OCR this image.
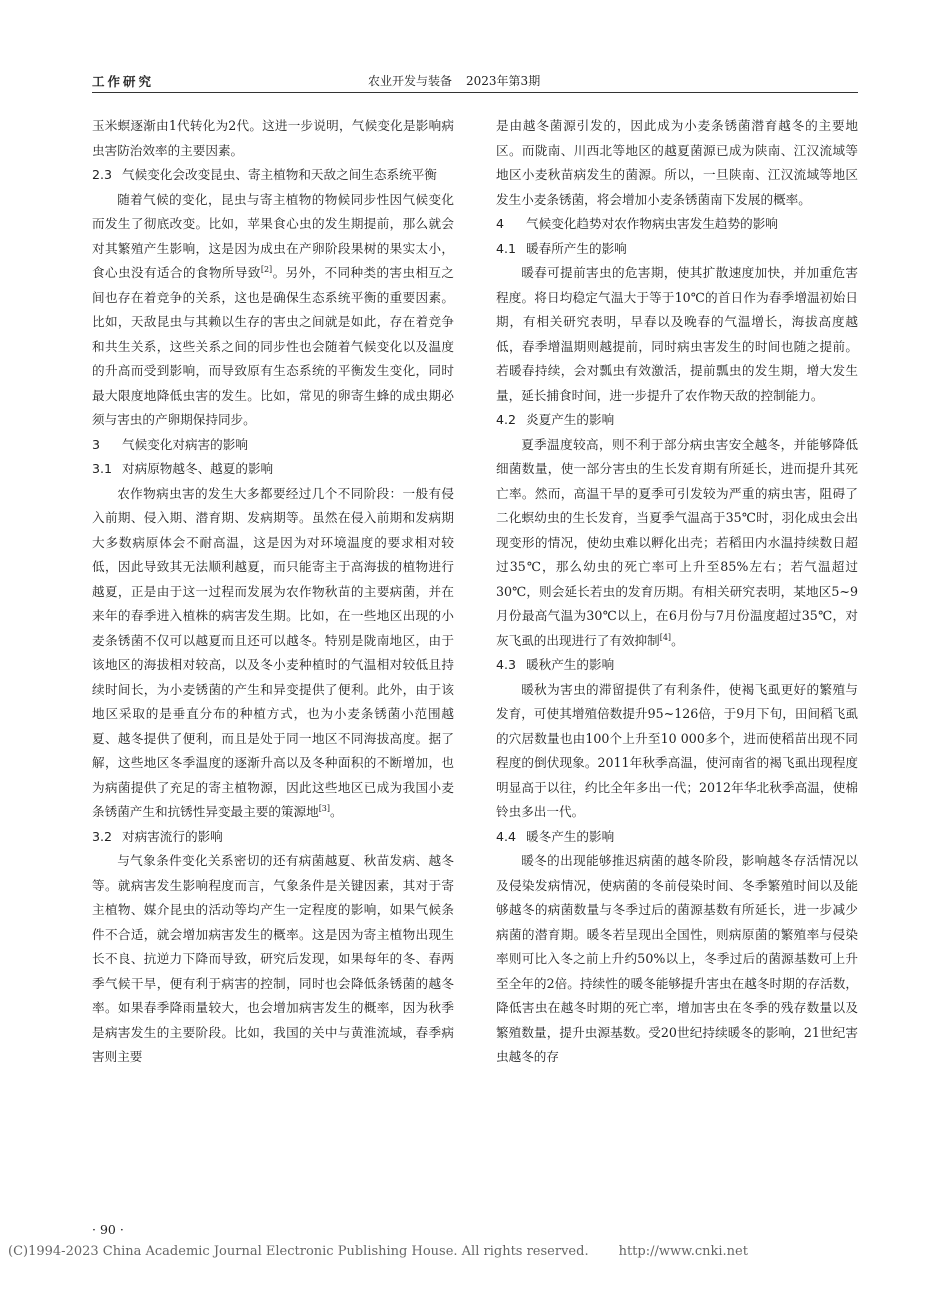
工作研究	农业开发与装备 2023年第3期

玉米螟逐渐由1代转化为2代。这进一步说明，气候变化是影响病虫害防治效率的主要因素。

2.3 气候变化会改变昆虫、寄主植物和天敌之间生态系统平衡

随着气候的变化，昆虫与寄主植物的物候同步性因气候变化而发生了彻底改变。比如，苹果食心虫的发生期提前，那么就会对其繁殖产生影响，这是因为成虫在产卵阶段果树的果实太小，食心虫没有适合的食物所导致[2]。另外，不同种类的害虫相互之间也存在着竞争的关系，这也是确保生态系统平衡的重要因素。比如，天敌昆虫与其赖以生存的害虫之间就是如此，存在着竞争和共生关系，这些关系之间的同步性也会随着气候变化以及温度的升高而受到影响，而导致原有生态系统的平衡发生变化，同时最大限度地降低虫害的发生。比如，常见的卵寄生蜂的成虫期必须与害虫的产卵期保持同步。

3 气候变化对病害的影响
3.1 对病原物越冬、越夏的影响

农作物病虫害的发生大多都要经过几个不同阶段：一般有侵入前期、侵入期、潜育期、发病期等。虽然在侵入前期和发病期大多数病原体会不耐高温，这是因为对环境温度的要求相对较低，因此导致其无法顺利越夏，而只能寄主于高海拔的植物进行越夏，正是由于这一过程而发展为农作物秋苗的主要病菌，并在来年的春季进入植株的病害发生期。比如，在一些地区出现的小麦条锈菌不仅可以越夏而且还可以越冬。特别是陇南地区，由于该地区的海拔相对较高，以及冬小麦种植时的气温相对较低且持续时间长，为小麦锈菌的产生和异变提供了便利。此外，由于该地区采取的是垂直分布的种植方式，也为小麦条锈菌小范围越夏、越冬提供了便利，而且是处于同一地区不同海拔高度。据了解，这些地区冬季温度的逐渐升高以及冬种面积的不断增加，也为病菌提供了充足的寄主植物源，因此这些地区已成为我国小麦条锈菌产生和抗锈性异变最主要的策源地[3]。

3.2 对病害流行的影响

与气象条件变化关系密切的还有病菌越夏、秋苗发病、越冬等。就病害发生影响程度而言，气象条件是关键因素，其对于寄主植物、媒介昆虫的活动等均产生一定程度的影响，如果气候条件不合适，就会增加病害发生的概率。这是因为寄主植物出现生长不良、抗逆力下降而导致，研究后发现，如果每年的冬、春两季气候干旱，便有利于病害的控制，同时也会降低条锈菌的越冬率。如果春季降雨量较大，也会增加病害发生的概率，因为秋季是病害发生的主要阶段。比如，我国的关中与黄淮流域，春季病害则主要

是由越冬菌源引发的，因此成为小麦条锈菌潜育越冬的主要地区。而陇南、川西北等地区的越夏菌源已成为陕南、江汉流域等地区小麦秋苗病发生的菌源。所以，一旦陕南、江汉流域等地区发生小麦条锈菌，将会增加小麦条锈菌南下发展的概率。

4 气候变化趋势对农作物病虫害发生趋势的影响
4.1 暖春所产生的影响

暖春可提前害虫的危害期，使其扩散速度加快，并加重危害程度。将日均稳定气温大于等于10℃的首日作为春季增温初始日期，有相关研究表明，早春以及晚春的气温增长，海拔高度越低，春季增温期则越提前，同时病虫害发生的时间也随之提前。若暖春持续，会对瓢虫有效激活，提前瓢虫的发生期，增大发生量，延长捕食时间，进一步提升了农作物天敌的控制能力。

4.2 炎夏产生的影响

夏季温度较高，则不利于部分病虫害安全越冬，并能够降低细菌数量，使一部分害虫的生长发育期有所延长，进而提升其死亡率。然而，高温干旱的夏季可引发较为严重的病虫害，阻碍了二化螟幼虫的生长发育，当夏季气温高于35℃时，羽化成虫会出现变形的情况，使幼虫难以孵化出壳；若稻田内水温持续数日超过35℃，那么幼虫的死亡率可上升至85%左右；若气温超过30℃，则会延长若虫的发育历期。有相关研究表明，某地区5~9月份最高气温为30℃以上，在6月份与7月份温度超过35℃，对灰飞虱的出现进行了有效抑制[4]。

4.3 暖秋产生的影响

暖秋为害虫的滞留提供了有利条件，使褐飞虱更好的繁殖与发育，可使其增殖倍数提升95~126倍，于9月下旬，田间稻飞虱的穴居数量也由100个上升至10 000多个，进而使稻苗出现不同程度的倒伏现象。2011年秋季高温，使河南省的褐飞虱出现程度明显高于以往，约比全年多出一代；2012年华北秋季高温，使棉铃虫多出一代。

4.4 暖冬产生的影响

暖冬的出现能够推迟病菌的越冬阶段，影响越冬存活情况以及侵染发病情况，使病菌的冬前侵染时间、冬季繁殖时间以及能够越冬的病菌数量与冬季过后的菌源基数有所延长，进一步减少病菌的潜育期。暖冬若呈现出全国性，则病原菌的繁殖率与侵染率则可比入冬之前上升约50%以上，冬季过后的菌源基数可上升至全年的2倍。持续性的暖冬能够提升害虫在越冬时期的存活数，降低害虫在越冬时期的死亡率，增加害虫在冬季的残存数量以及繁殖数量，提升虫源基数。受20世纪持续暖冬的影响，21世纪害虫越冬的存

· 90 ·
(C)1994-2023 China Academic Journal Electronic Publishing House. All rights reserved. http://www.cnki.net
